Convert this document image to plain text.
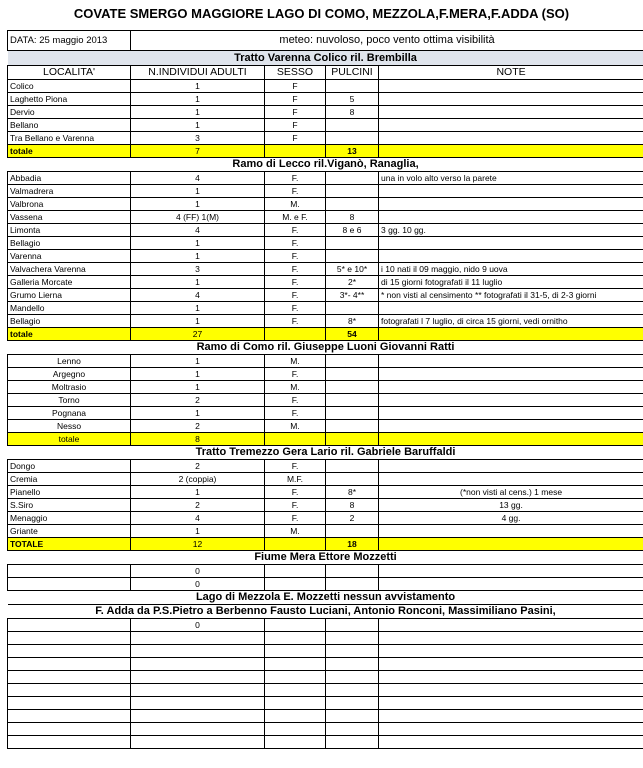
COVATE SMERGO MAGGIORE LAGO DI COMO, MEZZOLA,F.MERA,F.ADDA (SO)
DATA: 25 maggio 2013	meteo: nuvoloso, poco vento ottima visibilità			
Tratto Varenna Colico ril. Brembilla				
LOCALITA'	N.INDIVIDUI ADULTI	SESSO	PULCINI	NOTE
Colico	1	F		
Laghetto Piona	1	F	5	
Dervio	1	F	8	
Bellano	1	F		
Tra Bellano e Varenna	3	F		
totale	7		13	
Ramo di Lecco ril.Viganò, Ranaglia,				
Abbadia	4	F.		una in volo alto verso la parete
Valmadrera	1	F.		
Valbrona	1	M.		
Vassena	4 (FF) 1(M)	M. e F.	8	
Limonta	4	F.	8 e 6	3 gg. 10 gg.
Bellagio	1	F.		
Varenna	1	F.		
Valvachera Varenna	3	F.	5* e 10*	i 10 nati il 09 maggio, nido 9 uova
Galleria Morcate	1	F.	2*	di 15 giorni fotografati il 11 luglio
Grumo Lierna	4	F.	3*- 4**	* non visti al censimento ** fotografati il 31-5, di 2-3 giorni
Mandello	1	F.		
Bellagio	1	F.	8*	fotografati l 7 luglio, di circa 15 giorni, vedi ornitho
totale	27		54	
Ramo di Como ril. Giuseppe Luoni Giovanni Ratti				
Lenno	1	M.		
Argegno	1	F.		
Moltrasio	1	M.		
Torno	2	F.		
Pognana	1	F.		
Nesso	2	M.		
totale	8			
Tratto Tremezzo Gera Lario ril. Gabriele Baruffaldi				
Dongo	2	F.		
Cremia	2 (coppia)	M.F.		
Pianello	1	F.	8*	(*non visti al cens.) 1 mese
S.Siro	2	F.	8	13 gg.
Menaggio	4	F.	2	4 gg.
Griante	1	M.		
TOTALE	12		18	
Fiume Mera Ettore Mozzetti				
	0			
	0			
Lago di Mezzola E. Mozzetti nessun avvistamento				
F. Adda da P.S.Pietro a Berbenno Fausto Luciani, Antonio Ronconi, Massimiliano Pasini,				
	0			
